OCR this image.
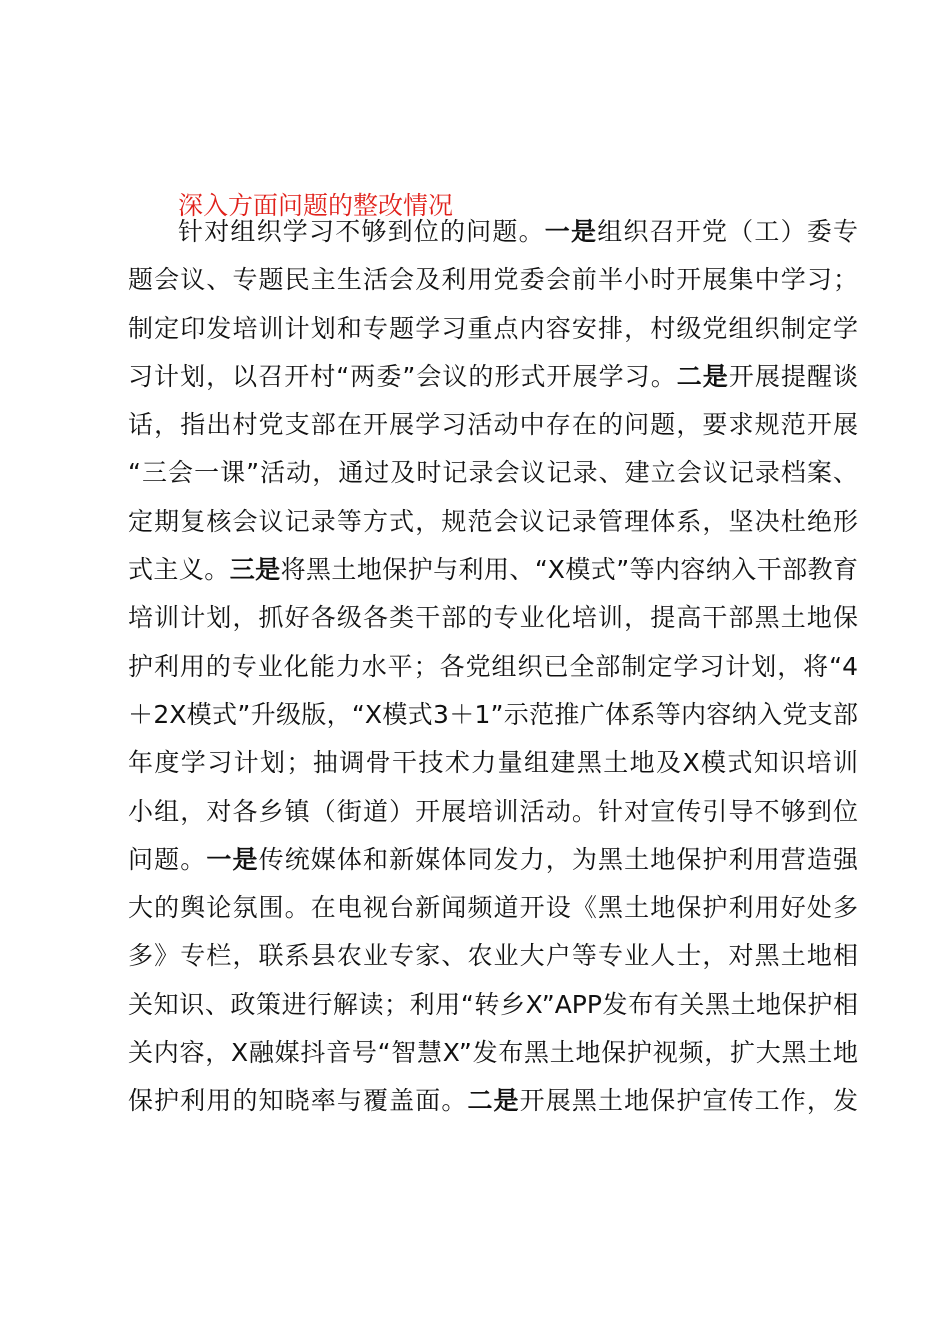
深入方面问题的整改情况
针对组织学习不够到位的问题。一是组织召开党（工）委专
题会议、专题民主生活会及利用党委会前半小时开展集中学习；
制定印发培训计划和专题学习重点内容安排，村级党组织制定学
习计划，以召开村“两委”会议的形式开展学习。二是开展提醒谈
话，指出村党支部在开展学习活动中存在的问题，要求规范开展
“三会一课”活动，通过及时记录会议记录、建立会议记录档案、
定期复核会议记录等方式，规范会议记录管理体系，坚决杜绝形
式主义。三是将黑土地保护与利用、“X模式”等内容纳入干部教育
培训计划，抓好各级各类干部的专业化培训，提高干部黑土地保
护利用的专业化能力水平；各党组织已全部制定学习计划，将“4
＋2X模式”升级版，“X模式3＋1”示范推广体系等内容纳入党支部
年度学习计划；抽调骨干技术力量组建黑土地及X模式知识培训
小组，对各乡镇（街道）开展培训活动。针对宣传引导不够到位
问题。一是传统媒体和新媒体同发力，为黑土地保护利用营造强
大的舆论氛围。在电视台新闻频道开设《黑土地保护利用好处多
多》专栏，联系县农业专家、农业大户等专业人士，对黑土地相
关知识、政策进行解读；利用“转乡X”APP发布有关黑土地保护相
关内容，X融媒抖音号“智慧X”发布黑土地保护视频，扩大黑土地
保护利用的知晓率与覆盖面。二是开展黑土地保护宣传工作，发
